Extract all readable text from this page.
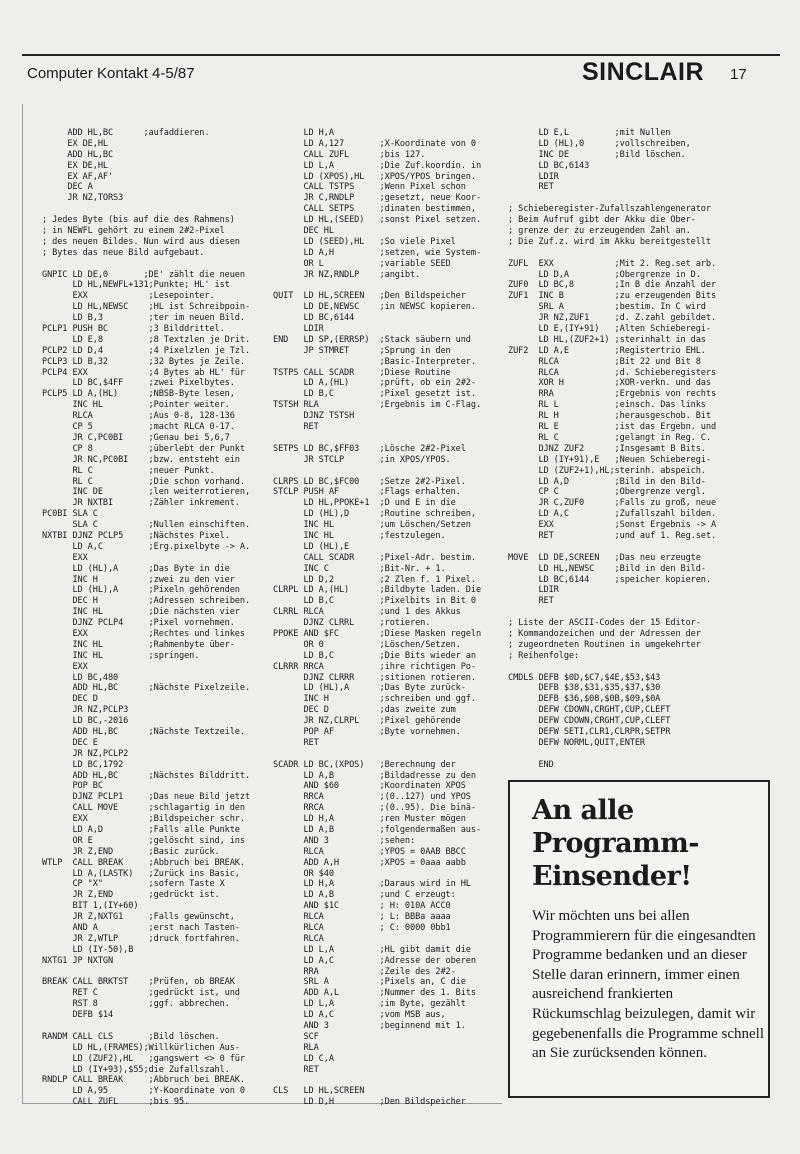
Computer Kontakt 4-5/87	SINCLAIR 17
ADD HL,BC      ;aufaddieren.
EX DE,HL
ADD HL,BC
EX DE,HL
EX AF,AF'
DEC A
JR NZ,TORS3
; Jedes Byte (bis auf die des Rahmens)
; in NEWFL gehört zu einem 2#2-Pixel
; des neuen Bildes. Nun wird aus diesen
; Bytes das neue Bild aufgebaut.
GNPIC LD DE,0       ;DE' zählt die neuen
LD HL,NEWFL+131;Punkte; HL' ist
EXX            ;Lesepointer.
LD HL,NEWSC    ;HL ist Schreibpoin-
LD B,3         ;ter im neuen Bild.
PCLP1 PUSH BC        ;3 Bilddrittel.
LD E,8         ;8 Textzlen je Drit.
PCLP2 LD D,4         ;4 Pixelzlen je Tzl.
PCLP3 LD B,32        ;32 Bytes je Zeile.
PCLP4 EXX            ;4 Bytes ab HL' für
LD BC,$4FF     ;zwei Pixelbytes.
PCLP5 LD A,(HL)      ;NBSB-Byte lesen,
INC HL         ;Pointer weiter.
RLCA           ;Aus 0-8, 128-136
CP 5           ;macht RLCA 0-17.
JR C,PC0BI     ;Genau bei 5,6,7
CP 8           ;überlebt der Punkt
JR NC,PC0BI    ;bzw. entsteht ein
RL C           ;neuer Punkt.
RL C           ;Die schon vorhand.
INC DE         ;len weiterrotieren,
JR NXTBI       ;Zähler inkrement.
PC0BI SLA C
SLA C          ;Nullen einschiften.
NXTBI DJNZ PCLP5     ;Nächstes Pixel.
LD A,C         ;Erg.pixelbyte -> A.
EXX
LD (HL),A      ;Das Byte in die
INC H          ;zwei zu den vier
LD (HL),A      ;Pixeln gehörenden
DEC H          ;Adressen schreiben.
INC HL         ;Die nächsten vier
DJNZ PCLP4     ;Pixel vornehmen.
EXX            ;Rechtes und linkes
INC HL         ;Rahmenbyte über-
INC HL         ;springen.
EXX
LD BC,480
ADD HL,BC      ;Nächste Pixelzeile.
DEC D
JR NZ,PCLP3
LD BC,-2016
ADD HL,BC      ;Nächste Textzeile.
DEC E
JR NZ,PCLP2
LD BC,1792
ADD HL,BC      ;Nächstes Bilddritt.
POP BC
DJNZ PCLP1     ;Das neue Bild jetzt
CALL MOVE      ;schlagartig in den
EXX            ;Bildspeicher schr.
LD A,D         ;Falls alle Punkte
OR E           ;gelöscht sind, ins
JR Z,END       ;Basic zurück.
WTLP  CALL BREAK     ;Abbruch bei BREAK.
LD A,(LASTK)   ;Zurück ins Basic,
CP "X"         ;sofern Taste X
JR Z,END       ;gedrückt ist.
BIT 1,(IY+60)
JR Z,NXTG1     ;Falls gewünscht,
AND A          ;erst nach Tasten-
JR Z,WTLP      ;druck fortfahren.
LD (IY-50),B
NXTG1 JP NXTGN
BREAK CALL BRKTST    ;Prüfen, ob BREAK
RET C          ;gedrückt ist, und
RST 8          ;ggf. abbrechen.
DEFB $14
RANDM CALL CLS       ;Bild löschen.
LD HL,(FRAMES);Willkürlichen Aus-
LD (ZUF2),HL   ;gangswert <> 0 für
LD (IY+93),$55;die Zufallszahl.
RNDLP CALL BREAK     ;Abbruch bei BREAK.
LD A,95        ;Y-Koordinate von 0
CALL ZUFL      ;bis 95.
LD H,A
LD A,127       ;X-Koordinate von 0
CALL ZUFL      ;bis 127.
LD L,A         ;Die Zuf.koordin. in
LD (XPOS),HL   ;XPOS/YPOS bringen.
CALL TSTPS     ;Wenn Pixel schon
JR C,RNDLP     ;gesetzt, neue Koor-
CALL SETPS     ;dinaten bestimmen,
LD HL,(SEED)   ;sonst Pixel setzen.
DEC HL
LD (SEED),HL   ;So viele Pixel
LD A,H         ;setzen, wie System-
OR L           ;variable SEED
JR NZ,RNDLP    ;angibt.
QUIT  LD HL,SCREEN   ;Den Bildspeicher
LD DE,NEWSC    ;in NEWSC kopieren.
LD BC,6144
LDIR
END   LD SP,(ERRSP)  ;Stack säubern und
JP STMRET      ;Sprung in den
;Basic-Interpreter.
TSTPS CALL SCADR     ;Diese Routine
LD A,(HL)      ;prüft, ob ein 2#2-
LD B,C         ;Pixel gesetzt ist.
TSTSH RLA            ;Ergebnis im C-Flag.
DJNZ TSTSH
RET
SETPS LD BC,$FF03    ;Lösche 2#2-Pixel
JR STCLP       ;in XPOS/YPOS.
CLRPS LD BC,$FC00    ;Setze 2#2-Pixel.
STCLP PUSH AF        ;Flags erhalten.
LD HL,PPOKE+1  ;D und E in die
LD (HL),D      ;Routine schreiben,
INC HL         ;um Löschen/Setzen
INC HL         ;festzulegen.
LD (HL),E
CALL SCADR     ;Pixel-Adr. bestim.
INC C          ;Bit-Nr. + 1.
LD D,2         ;2 Zlen f. 1 Pixel.
CLRPL LD A,(HL)      ;Bildbyte laden. Die
LD B,C         ;Pixelbits in Bit 0
CLRRL RLCA           ;und 1 des Akkus
DJNZ CLRRL     ;rotieren.
PPOKE AND $FC        ;Diese Masken regeln
OR 0           ;Löschen/Setzen.
LD B,C         ;Die Bits wieder an
CLRRR RRCA           ;ihre richtigen Po-
DJNZ CLRRR     ;sitionen rotieren.
LD (HL),A      ;Das Byte zurück-
INC H          ;schreiben und ggf.
DEC D          ;das zweite zum
JR NZ,CLRPL    ;Pixel gehörende
POP AF         ;Byte vornehmen.
RET
SCADR LD BC,(XPOS)   ;Berechnung der
LD A,B         ;Bildadresse zu den
AND $60        ;Koordinaten XPOS
RRCA           ;(0..127) und YPOS
RRCA           ;(0..95). Die binä-
LD H,A         ;ren Muster mögen
LD A,B         ;folgendermaßen aus-
AND 3          ;sehen:
RLCA           ;YPOS = 0AAB BBCC
ADD A,H        ;XPOS = 0aaa aabb
OR $40
LD H,A         ;Daraus wird in HL
LD A,B         ;und C erzeugt:
AND $1C        ; H: 010A ACC0
RLCA           ; L: BBBa aaaa
RLCA           ; C: 0000 0bb1
RLCA
LD L,A         ;HL gibt damit die
LD A,C         ;Adresse der oberen
RRA            ;Zeile des 2#2-
SRL A          ;Pixels an, C die
ADD A,L        ;Nummer des 1. Bits
LD L,A         ;im Byte, gezählt
LD A,C         ;vom MSB aus,
AND 3          ;beginnend mit 1.
SCF
RLA
LD C,A
RET
CLS   LD HL,SCREEN
LD D,H         ;Den Bildspeicher
LD E,L         ;mit Nullen
LD (HL),0      ;vollschreiben,
INC DE         ;Bild löschen.
LD BC,6143
LDIR
RET
; Schieberegister-Zufallszahlengenerator
; Beim Aufruf gibt der Akku die Ober-
; grenze der zu erzeugenden Zahl an.
; Die Zuf.z. wird im Akku bereitgestellt
ZUFL  EXX            ;Mit 2. Reg.set arb.
LD D,A         ;Obergrenze in D.
ZUF0  LD BC,8        ;In B die Anzahl der
ZUF1  INC B          ;zu erzeugenden Bits
SRL A          ;bestim. In C wird
JR NZ,ZUF1     ;d. Z.zahl gebildet.
LD E,(IY+91)   ;Alten Schieberegi-
LD HL,(ZUF2+1) ;sterinhalt in das
ZUF2  LD A,E         ;Registertrio EHL.
RLCA           ;Bit 22 und Bit 8
RLCA           ;d. Schieberegisters
XOR H          ;XOR-verkn. und das
RRA            ;Ergebnis von rechts
RL L           ;einsch. Das links
RL H           ;herausgeschob. Bit
RL E           ;ist das Ergebn. und
RL C           ;gelangt in Reg. C.
DJNZ ZUF2      ;Insgesamt B Bits.
LD (IY+91),E   ;Neuen Schieberegi-
LD (ZUF2+1),HL;sterinh. abspeich.
LD A,D         ;Bild in den Bild-
CP C           ;Obergrenze vergl.
JR C,ZUF0      ;Falls zu groß, neue
LD A,C         ;Zufallszahl bilden.
EXX            ;Sonst Ergebnis -> A
RET            ;und auf 1. Reg.set.
MOVE  LD DE,SCREEN   ;Das neu erzeugte
LD HL,NEWSC    ;Bild in den Bild-
LD BC,6144     ;speicher kopieren.
LDIR
RET
; Liste der ASCII-Codes der 15 Editor-
; Kommandozeichen und der Adressen der
; zugeordneten Routinen in umgekehrter
; Reihenfolge:
CMDLS DEFB $0D,$C7,$4E,$53,$43
DEFB $38,$31,$35,$37,$30
DEFB $36,$08,$0B,$09,$0A
DEFW CDOWN,CRGHT,CUP,CLEFT
DEFW CDOWN,CRGHT,CUP,CLEFT
DEFW SETI,CLR1,CLRPR,SETPR
DEFW NORML,QUIT,ENTER
END
An alle
Programm-
Einsender!

Wir möchten uns bei allen Programmierern für die eingesandten Programme bedanken und an dieser Stelle daran erinnern, immer einen ausreichend frankierten Rückumschlag beizulegen, damit wir gegebenenfalls die Programme schnell an Sie zurücksenden können.
